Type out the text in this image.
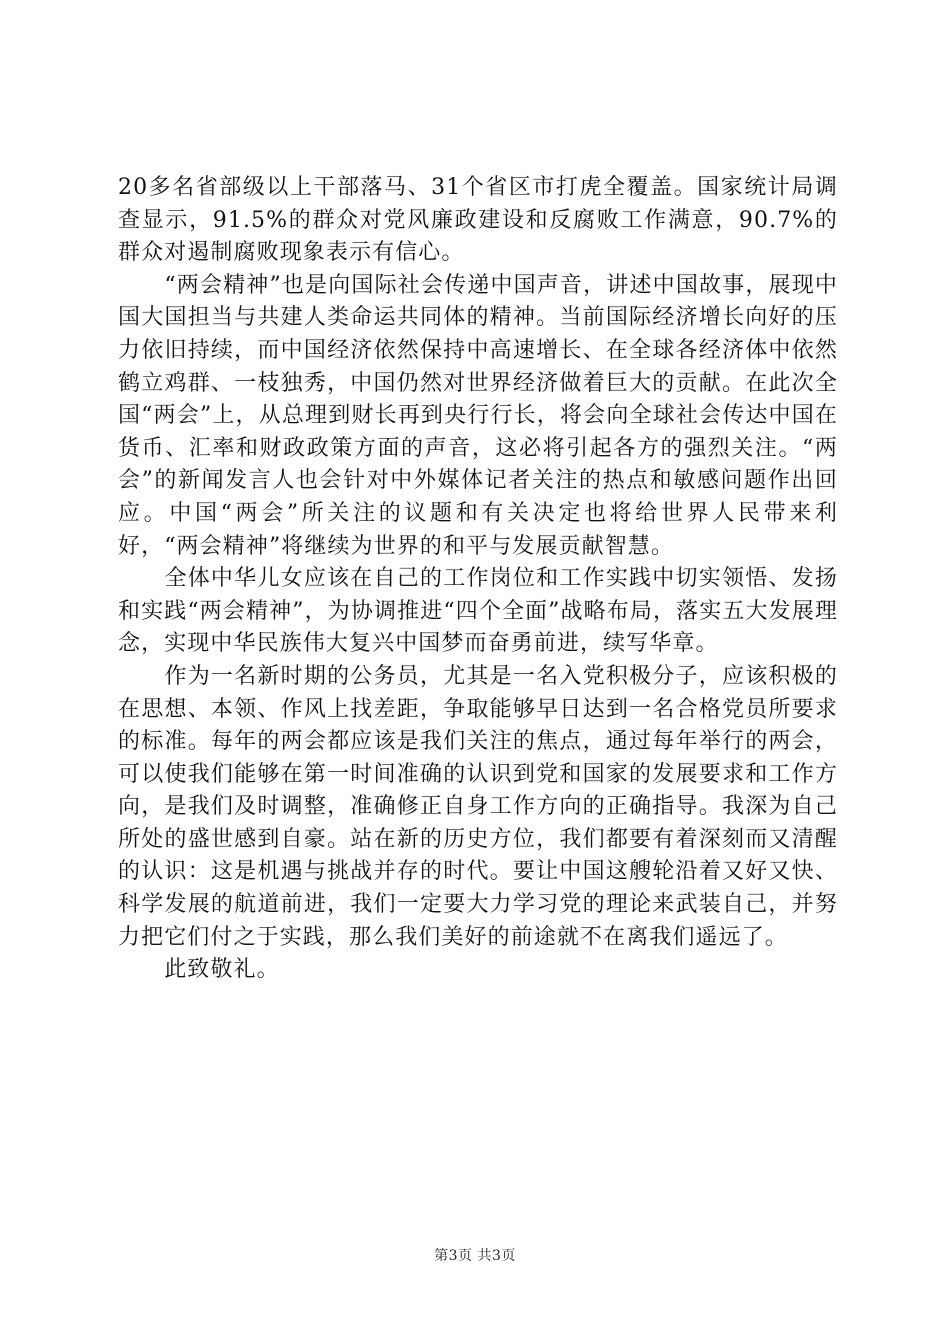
20多名省部级以上干部落马、31个省区市打虎全覆盖。国家统计局调查显示，91.5%的群众对党风廉政建设和反腐败工作满意，90.7%的群众对遏制腐败现象表示有信心。

　　“两会精神”也是向国际社会传递中国声音，讲述中国故事，展现中国大国担当与共建人类命运共同体的精神。当前国际经济增长向好的压力依旧持续，而中国经济依然保持中高速增长、在全球各经济体中依然鹤立鸡群、一枝独秀，中国仍然对世界经济做着巨大的贡献。在此次全国“两会”上，从总理到财长再到央行行长，将会向全球社会传达中国在货币、汇率和财政政策方面的声音，这必将引起各方的强烈关注。“两会”的新闻发言人也会针对中外媒体记者关注的热点和敏感问题作出回应。中国“两会”所关注的议题和有关决定也将给世界人民带来利好，“两会精神”将继续为世界的和平与发展贡献智慧。

　　全体中华儿女应该在自己的工作岗位和工作实践中切实领悟、发扬和实践“两会精神”，为协调推进“四个全面”战略布局，落实五大发展理念，实现中华民族伟大复兴中国梦而奋勇前进，续写华章。

　　作为一名新时期的公务员，尤其是一名入党积极分子，应该积极的在思想、本领、作风上找差距，争取能够早日达到一名合格党员所要求的标准。每年的两会都应该是我们关注的焦点，通过每年举行的两会，可以使我们能够在第一时间准确的认识到党和国家的发展要求和工作方向，是我们及时调整，准确修正自身工作方向的正确指导。我深为自己所处的盛世感到自豪。站在新的历史方位，我们都要有着深刻而又清醒的认识：这是机遇与挑战并存的时代。要让中国这艘轮沿着又好又快、科学发展的航道前进，我们一定要大力学习党的理论来武装自己，并努力把它们付之于实践，那么我们美好的前途就不在离我们遥远了。

　　此致敬礼。

第3页 共3页
